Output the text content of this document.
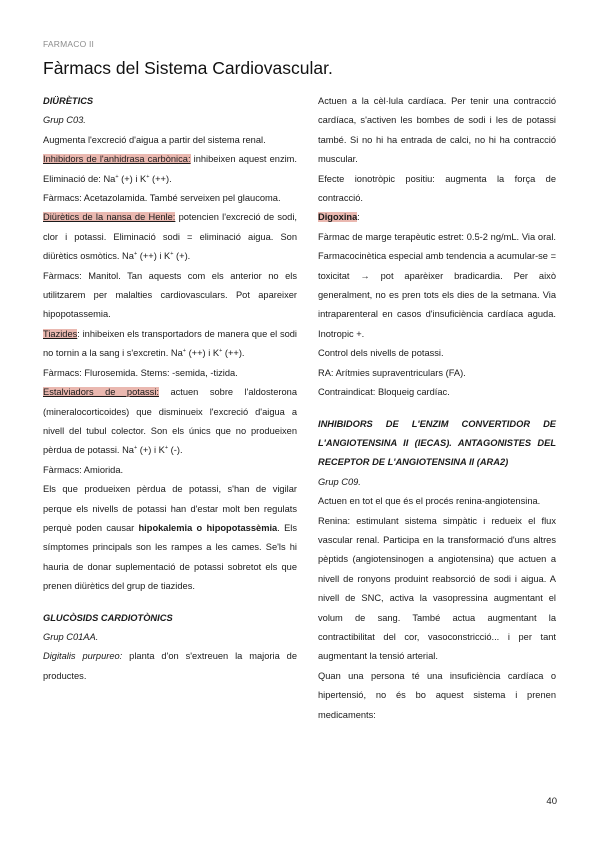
FARMACO II
Fàrmacs del Sistema Cardiovascular.

DIÜRÈTICS

Grup C03.

Augmenta l'excreció d'aigua a partir del sistema renal.

Inhibidors de l'anhidrasa carbònica: inhibeixen aquest enzim. Eliminació de: Na+ (+) i K+ (++).

Fàrmacs: Acetazolamida. També serveixen pel glaucoma.

Diürètics de la nansa de Henle: potencien l'excreció de sodi, clor i potassi. Eliminació sodi = eliminació aigua. Son diürètics osmòtics. Na+ (++) i K+ (+).

Fàrmacs: Manitol. Tan aquests com els anterior no els utilitzarem per malalties cardiovasculars. Pot apareixer hipopotassemia.

Tiazides: inhibeixen els transportadors de manera que el sodi no tornin a la sang i s'excretin. Na+ (++) i K+ (++).

Fàrmacs: Flurosemida. Stems: -semida, -tizida.

Estalviadors de potassi: actuen sobre l'aldosterona (mineralocorticoides) que disminueix l'excreció d'aigua a nivell del tubul colector. Son els únics que no produeixen pèrdua de potassi. Na+ (+) i K+ (-).

Fàrmacs: Amiorida.

Els que produeixen pèrdua de potassi, s'han de vigilar perque els nivells de potassi han d'estar molt ben regulats perquè poden causar hipokalemia o hipopotassèmia. Els símptomes principals son les rampes a les cames. Se'ls hi hauria de donar suplementació de potassi sobretot els que prenen diürètics del grup de tiazides.

GLUCÒSIDS CARDIOTÒNICS

Grup C01AA.

Digitalis purpureo: planta d'on s'extreuen la majoria de productes.

Actuen a la cèl·lula cardíaca. Per tenir una contracció cardíaca, s'activen les bombes de sodi i les de potassi també. Si no hi ha entrada de calci, no hi ha contracció muscular.

Efecte ionotròpic positiu: augmenta la força de contracció.

Digoxina:

Fàrmac de marge terapèutic estret: 0.5-2 ng/mL. Via oral. Farmacocinètica especial amb tendencia a acumular-se = toxicitat → pot aparèixer bradicardia. Per això generalment, no es pren tots els dies de la setmana. Via intraparenteral en casos d'insuficiència cardíaca aguda. Inotropic +.

Control dels nivells de potassi.

RA: Arítmies supraventriculars (FA).

Contraindicat: Bloqueig cardíac.

INHIBIDORS DE L'ENZIM CONVERTIDOR DE L'ANGIOTENSINA II (IECAS). ANTAGONISTES DEL RECEPTOR DE L'ANGIOTENSINA II (ARA2)

Grup C09.

Actuen en tot el que és el procés renina-angiotensina.

Renina: estimulant sistema simpàtic i redueix el flux vascular renal. Participa en la transformació d'uns altres pèptids (angiotensinogen a angiotensina) que actuen a nivell de ronyons produint reabsorció de sodi i aigua. A nivell de SNC, activa la vasopressina augmentant el volum de sang. També actua augmentant la contractibilitat del cor, vasoconstricció... i per tant augmentant la tensió arterial.

Quan una persona té una insuficiència cardíaca o hipertensió, no és bo aquest sistema i prenen medicaments:

40
